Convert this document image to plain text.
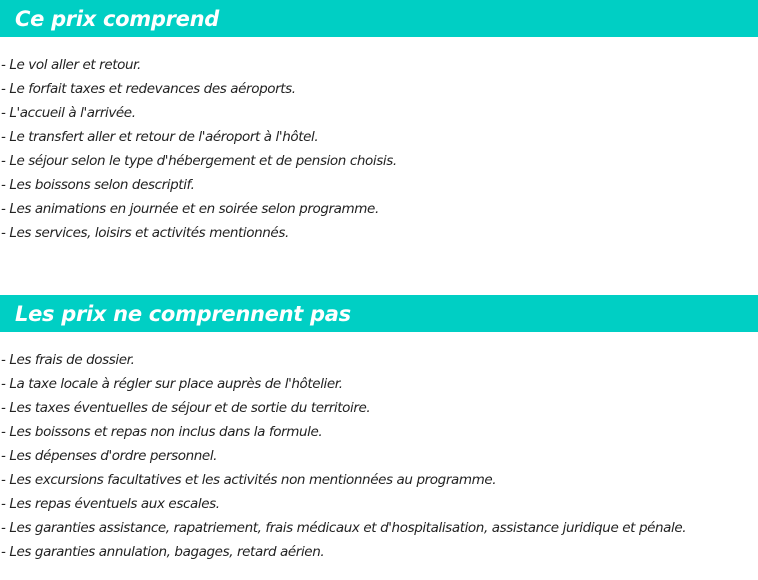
Ce prix comprend
- Le vol aller et retour.
- Le forfait taxes et redevances des aéroports.
- L'accueil à l'arrivée.
- Le transfert aller et retour de l'aéroport à l'hôtel.
- Le séjour selon le type d'hébergement et de pension choisis.
- Les boissons selon descriptif.
- Les animations en journée et en soirée selon programme.
- Les services, loisirs et activités mentionnés.
Les prix ne comprennent pas
- Les frais de dossier.
- La taxe locale à régler sur place auprès de l'hôtelier.
- Les taxes éventuelles de séjour et de sortie du territoire.
- Les boissons et repas non inclus dans la formule.
- Les dépenses d'ordre personnel.
- Les excursions facultatives et les activités non mentionnées au programme.
- Les repas éventuels aux escales.
- Les garanties assistance, rapatriement, frais médicaux et d'hospitalisation, assistance juridique et pénale.
- Les garanties annulation, bagages, retard aérien.
